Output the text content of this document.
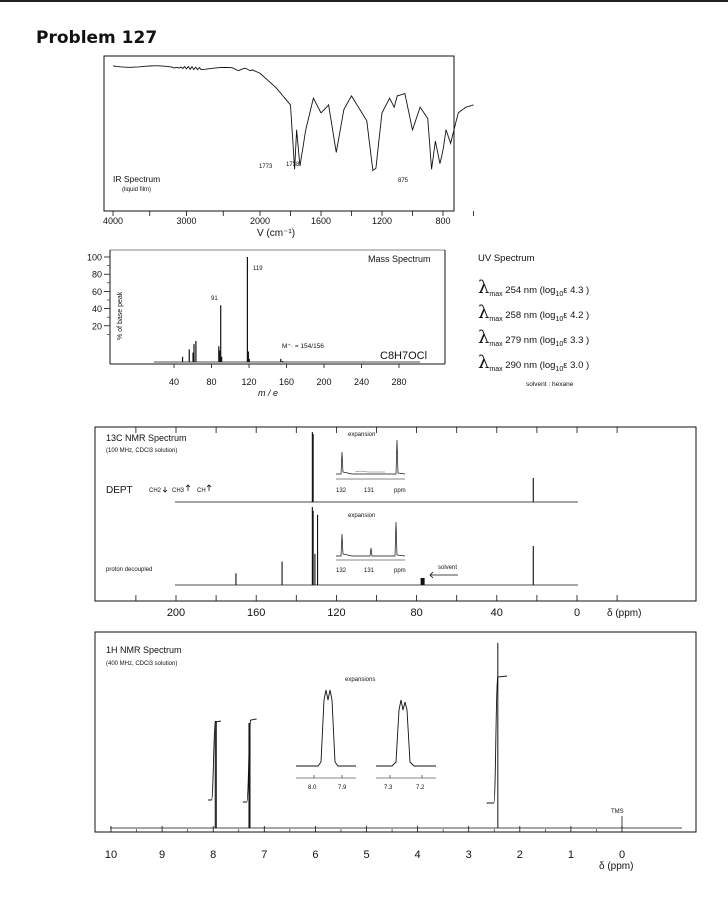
Problem 127
IR Spectrum
(liquid film)
1773 1738
875
4000	3000	2000	1600	1200	800
V (cm⁻¹)
100
80
60
40
20
40	80	120 160 200 240 280
% of base peak
m / e
Mass Spectrum
C8H7OCl
M⁺· = 154/156
91
119
13C NMR Spectrum
(100 MHz, CDCl3 solution)
DEPT	CH2 CH3 CH
proton decoupled
expansion
132	131	ppm
expansion
132	131	ppm	solvent
200	160	120	80	40	0	δ (ppm)
1H NMR Spectrum
(400 MHz, CDCl3 solution)
expansions
8.0	7.9	7.3	7.2
TMS
10	9	8	7	6	5	4	3	2	1	0
δ (ppm)
UV Spectrum
$\lambda_{max}$ 254 nm ($\log_{10}\varepsilon$ 4.3 )
$\lambda_{max}$ 258 nm ($\log_{10}\varepsilon$ 4.2 )
$\lambda_{max}$ 279 nm ($\log_{10}\varepsilon$ 3.3 )
$\lambda_{max}$ 290 nm ($\log_{10}\varepsilon$ 3.0 )
solvent : hexane
